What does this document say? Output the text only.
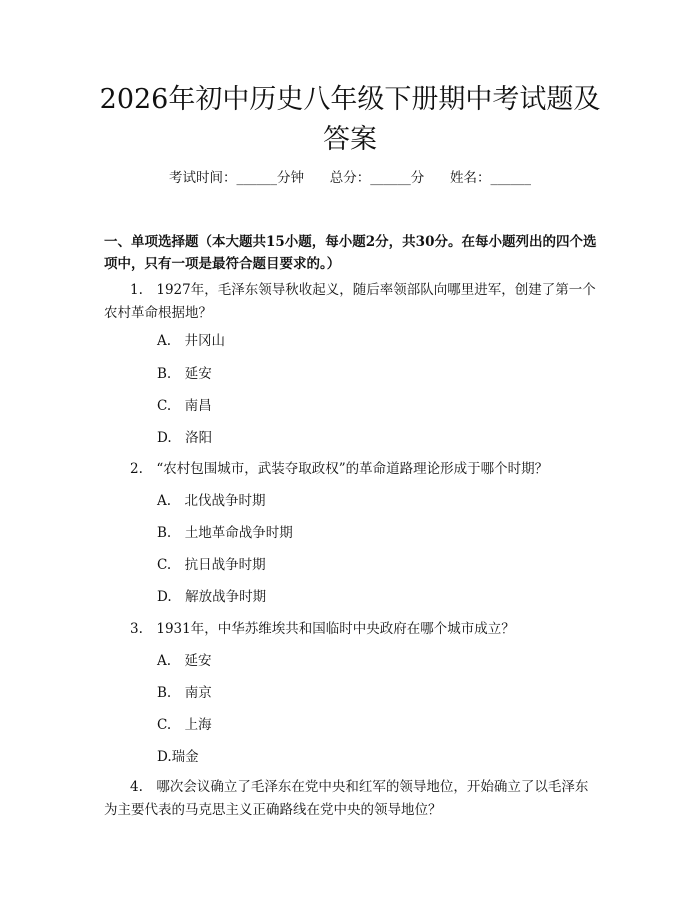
2026年初中历史八年级下册期中考试题及答案
考试时间：______分钟      总分：______分      姓名：______

一、单项选择题（本大题共15小题，每小题2分，共30分。在每小题列出的四个选项中，只有一项是最符合题目要求的。）

1.　1927年，毛泽东领导秋收起义，随后率领部队向哪里进军，创建了第一个农村革命根据地？

A.　井冈山
B.　延安
C.　南昌
D.　洛阳

2.　“农村包围城市，武装夺取政权”的革命道路理论形成于哪个时期？

A.　北伐战争时期
B.　土地革命战争时期
C.　抗日战争时期
D.　解放战争时期

3.　1931年，中华苏维埃共和国临时中央政府在哪个城市成立？

A.　延安
B.　南京
C.　上海
D.瑞金

4.　哪次会议确立了毛泽东在党中央和红军的领导地位，开始确立了以毛泽东为主要代表的马克思主义正确路线在党中央的领导地位？
